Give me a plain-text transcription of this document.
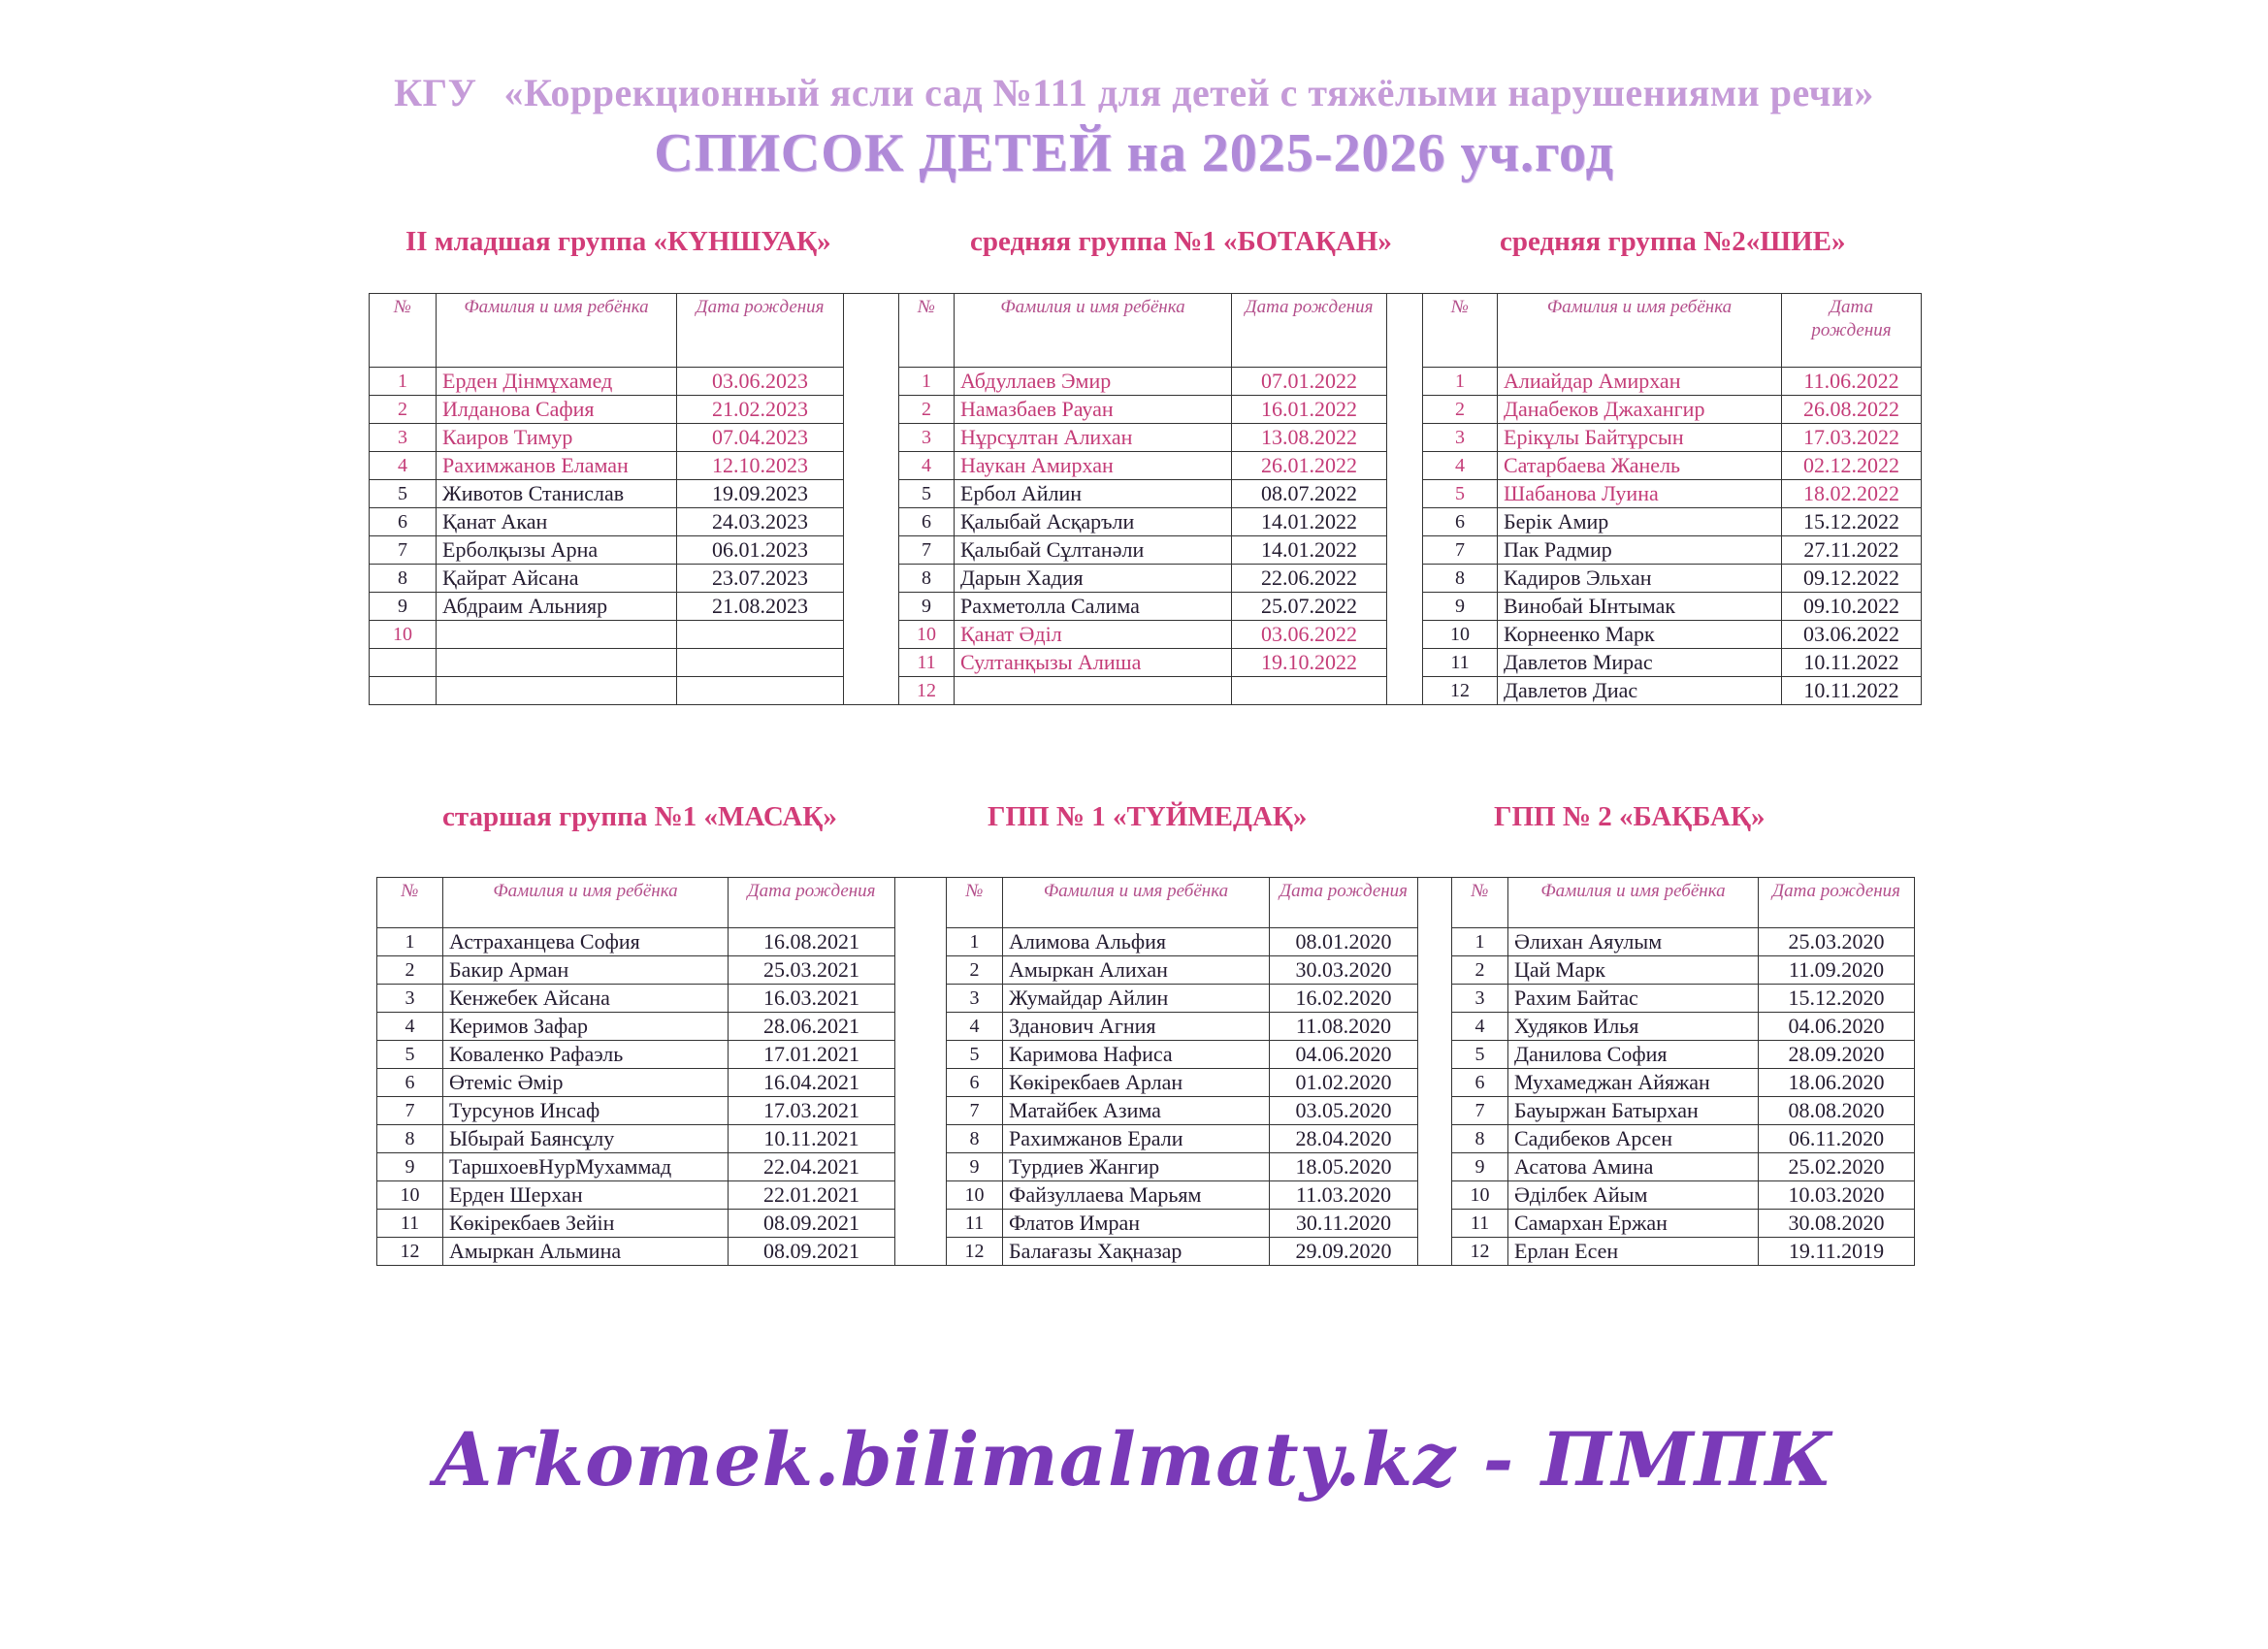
КГУ «Коррекционный ясли сад №111 для детей с тяжёлыми нарушениями речи»
СПИСОК ДЕТЕЙ на 2025-2026 уч.год
II младшая группа «КҮНШУАҚ»	средняя группа №1 «БОТАҚАН»	средняя группа №2«ШИЕ»
старшая группа №1 «МАСАҚ»	ГПП № 1 «ТҮЙМЕДАҚ»	ГПП № 2 «БАҚБАҚ»
№	Фамилия и имя ребёнка	Дата рождения		№	Фамилия и имя ребёнка	Дата рождения		№	Фамилия и имя ребёнка	Дата рождения
1	Ерден Дінмұхамед	03.06.2023		1	Абдуллаев Эмир	07.01.2022		1	Алиайдар Амирхан	11.06.2022
2	Илданова Сафия	21.02.2023		2	Намазбаев Рауан	16.01.2022		2	Данабеков Джахангир	26.08.2022
3	Каиров Тимур	07.04.2023		3	Нұрсұлтан Алихан	13.08.2022		3	Ерікұлы Байтұрсын	17.03.2022
4	Рахимжанов Еламан	12.10.2023		4	Наукан Амирхан	26.01.2022		4	Сатарбаева Жанель	02.12.2022
5	Животов Станислав	19.09.2023		5	Ербол Айлин	08.07.2022		5	Шабанова Луина	18.02.2022
6	Қанат Акан	24.03.2023		6	Қалыбай Асқаръли	14.01.2022		6	Берік Амир	15.12.2022
7	Ерболқызы Арна	06.01.2023		7	Қалыбай Сұлтанәли	14.01.2022		7	Пак Радмир	27.11.2022
8	Қайрат Айсана	23.07.2023		8	Дарын Хадия	22.06.2022		8	Кадиров Эльхан	09.12.2022
9	Абдраим Альнияр	21.08.2023		9	Рахметолла Салима	25.07.2022		9	Винобай Ынтымак	09.10.2022
10				10	Қанат Әділ	03.06.2022		10	Корнеенко Марк	03.06.2022
				11	Султанқызы Алиша	19.10.2022		11	Давлетов Мирас	10.11.2022
				12				12	Давлетов Диас	10.11.2022
№	Фамилия и имя ребёнка	Дата рождения		№	Фамилия и имя ребёнка	Дата рождения		№	Фамилия и имя ребёнка	Дата рождения
1	Астраханцева София	16.08.2021		1	Алимова Альфия	08.01.2020		1	Әлихан Аяулым	25.03.2020
2	Бакир Арман	25.03.2021		2	Амыркан Алихан	30.03.2020		2	Цай Марк	11.09.2020
3	Кенжебек Айсана	16.03.2021		3	Жумайдар Айлин	16.02.2020		3	Рахим Байтас	15.12.2020
4	Керимов Зафар	28.06.2021		4	Зданович Агния	11.08.2020		4	Худяков Илья	04.06.2020
5	Коваленко Рафаэль	17.01.2021		5	Каримова Нафиса	04.06.2020		5	Данилова София	28.09.2020
6	Өтеміс Әмір	16.04.2021		6	Көкірекбаев Арлан	01.02.2020		6	Мухамеджан Айяжан	18.06.2020
7	Турсунов Инсаф	17.03.2021		7	Матайбек Азима	03.05.2020		7	Бауыржан Батырхан	08.08.2020
8	Ыбырай Баянсұлу	10.11.2021		8	Рахимжанов Ерали	28.04.2020		8	Садибеков Арсен	06.11.2020
9	ТаршхоевНурМухаммад	22.04.2021		9	Турдиев Жангир	18.05.2020		9	Асатова Амина	25.02.2020
10	Ерден Шерхан	22.01.2021		10	Файзуллаева Марьям	11.03.2020		10	Әділбек Айым	10.03.2020
11	Көкірекбаев Зейін	08.09.2021		11	Флатов Имран	30.11.2020		11	Самархан Ержан	30.08.2020
12	Амыркан Альмина	08.09.2021		12	Балағазы Хақназар	29.09.2020		12	Ерлан Есен	19.11.2019
Arkomek.bilimalmaty.kz - ПМПК
